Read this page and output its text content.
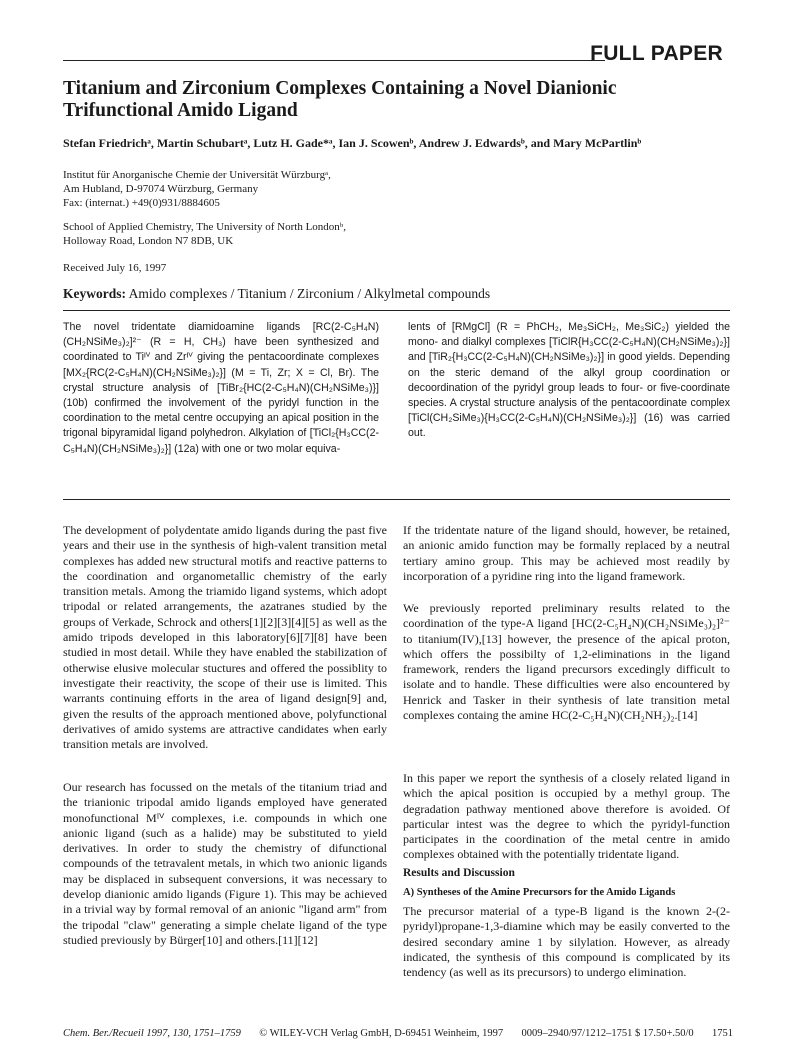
FULL PAPER
Titanium and Zirconium Complexes Containing a Novel Dianionic
Trifunctional Amido Ligand
Stefan Friedrichᵃ, Martin Schubartᵃ, Lutz H. Gade*ᵃ, Ian J. Scowenᵇ, Andrew J. Edwardsᵇ, and Mary McPartlinᵇ
Institut für Anorganische Chemie der Universität Würzburgᵃ,
Am Hubland, D-97074 Würzburg, Germany
Fax: (internat.) +49(0)931/8884605
School of Applied Chemistry, The University of North Londonᵇ,
Holloway Road, London N7 8DB, UK
Received July 16, 1997
Keywords: Amido complexes / Titanium / Zirconium / Alkylmetal compounds
The novel tridentate diamidoamine ligands [RC(2-C₅H₄N)(CH₂NSiMe₃)₂]²⁻ (R = H, CH₃) have been synthesized and coordinated to Tiᴵⱽ and Zrᴵⱽ giving the pentacoordinate complexes [MX₂{RC(2-C₅H₄N)(CH₂NSiMe₃)₂}] (M = Ti, Zr; X = Cl, Br). The crystal structure analysis of [TiBr₂{HC(2-C₅H₄N)(CH₂NSiMe₃)}] (10b) confirmed the involvement of the pyridyl function in the coordination to the metal centre occupying an apical position in the trigonal bipyramidal ligand polyhedron. Alkylation of [TiCl₂{H₃CC(2-C₅H₄N)(CH₂NSiMe₃)₂}] (12a) with one or two molar equiva-
lents of [RMgCl] (R = PhCH₂, Me₃SiCH₂, Me₃SiC₂) yielded the mono- and dialkyl complexes [TiClR{H₃CC(2-C₅H₄N)(CH₂NSiMe₃)₂}] and [TiR₂{H₃CC(2-C₅H₄N)(CH₂NSiMe₃)₂}] in good yields. Depending on the steric demand of the alkyl group coordination or decoordination of the pyridyl group leads to four- or five-coordinate species. A crystal structure analysis of the pentacoordinate complex [TiCl(CH₂SiMe₃){H₃CC(2-C₅H₄N)(CH₂NSiMe₃)₂}] (16) was carried out.
The development of polydentate amido ligands during the past five years and their use in the synthesis of high-valent transition metal complexes has added new structural motifs and reactive patterns to the coordination and organometallic chemistry of the early transition metals. Among the triamido ligand systems, which adopt tripodal or related arrangements, the azatranes studied by the groups of Verkade, Schrock and others[1][2][3][4][5] as well as the amido tripods developed in this laboratory[6][7][8] have been studied in most detail. While they have enabled the stabilization of otherwise elusive molecular stuctures and offered the possiblity to investigate their reactivity, the scope of their use is limited. This warrants continuing efforts in the area of ligand design[9] and, given the results of the approach mentioned above, polyfunctional derivatives of amido systems are attractive candidates when early transition metals are involved.
Our research has focussed on the metals of the titanium triad and the trianionic tripodal amido ligands employed have generated monofunctional Mᴵⱽ complexes, i.e. compounds in which one anionic ligand (such as a halide) may be substituted to yield derivatives. In order to study the chemistry of difunctional compounds of the tetravalent metals, in which two anionic ligands may be displaced in subsequent conversions, it was necessary to develop dianionic amido ligands (Figure 1). This may be achieved in a trivial way by formal removal of an anionic "ligand arm" from the tripodal "claw" generating a simple chelate ligand of the type studied previously by Bürger[10] and others.[11][12]
If the tridentate nature of the ligand should, however, be retained, an anionic amido function may be formally replaced by a neutral tertiary amino group. This may be achieved most readily by incorporation of a pyridine ring into the ligand framework.
We previously reported preliminary results related to the coordination of the type-A ligand [HC(2-C₅H₄N)(CH₂NSiMe₃)₂]²⁻ to titanium(IV),[13] however, the presence of the apical proton, which offers the possibilty of 1,2-eliminations in the ligand framework, renders the ligand precursors excedingly difficult to isolate and to handle. These difficulties were also encountered by Henrick and Tasker in their synthesis of late transition metal complexes containg the amine HC(2-C₅H₄N)(CH₂NH₂)₂.[14]
In this paper we report the synthesis of a closely related ligand in which the apical position is occupied by a methyl group. The degradation pathway mentioned above therefore is avoided. Of particular intest was the degree to which the pyridyl-function participates in the coordination of the metal centre in amido complexes obtained with the potentially tridentate ligand.
Results and Discussion
A) Syntheses of the Amine Precursors for the Amido Ligands
The precursor material of a type-B ligand is the known 2-(2-pyridyl)propane-1,3-diamine which may be easily converted to the desired secondary amine 1 by silylation. However, as already indicated, the synthesis of this compound is complicated by its tendency (as well as its precursors) to undergo elimination.
Chem. Ber./Recueil 1997, 130, 1751–1759 © WILEY-VCH Verlag GmbH, D-69451 Weinheim, 1997 0009–2940/97/1212–1751 $ 17.50+.50/0 1751
